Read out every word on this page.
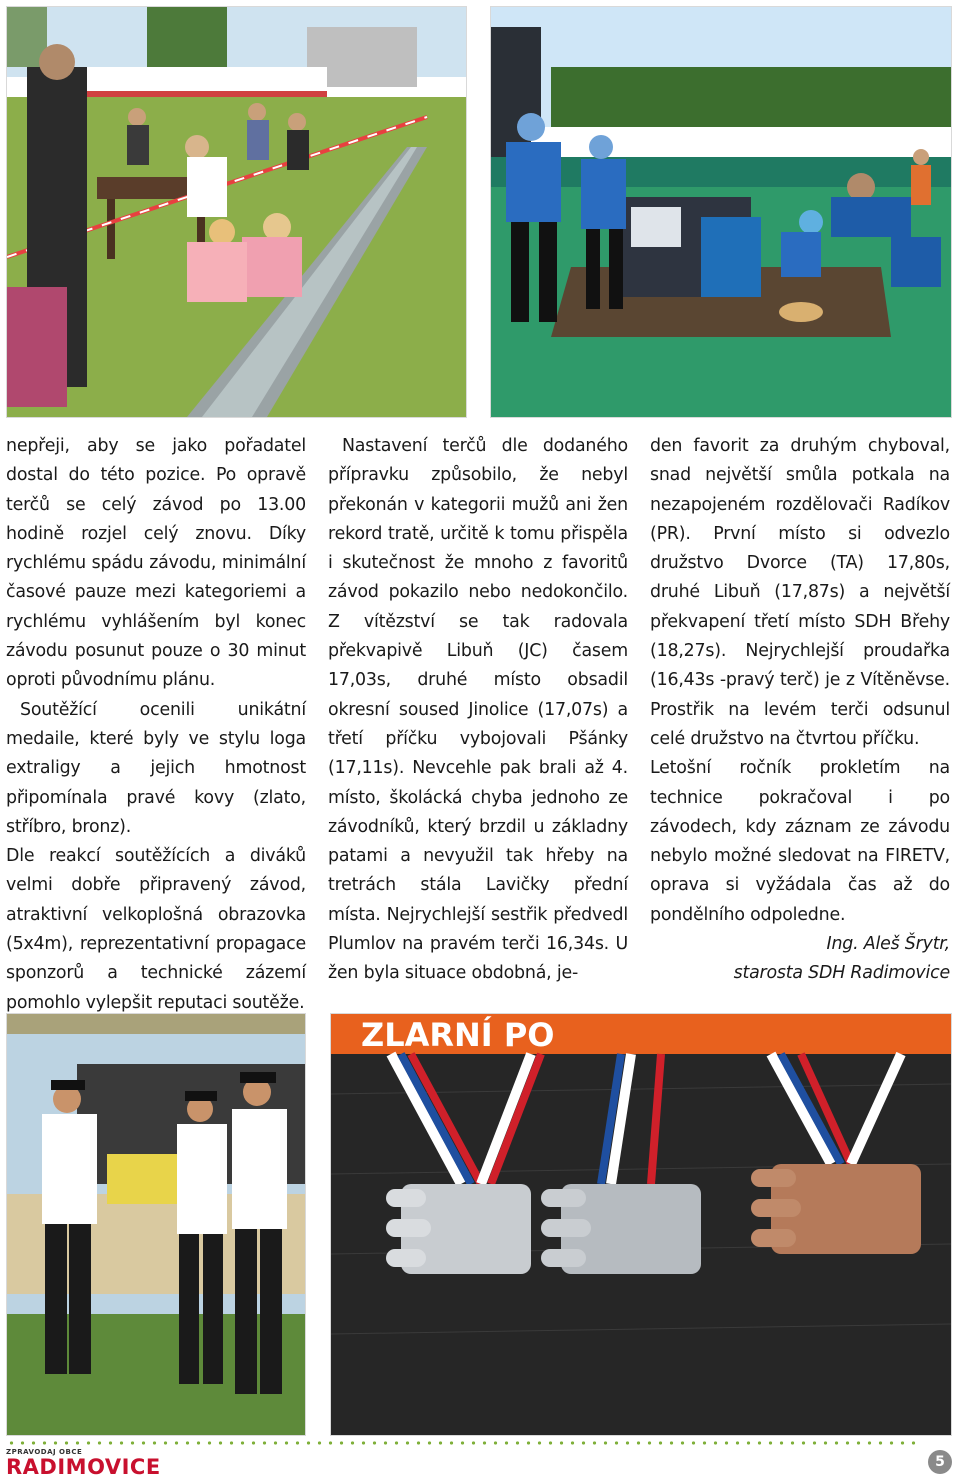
nepřeji, aby se jako pořadatel dostal do této pozice. Po opravě terčů se celý závod po 13.00 hodině rozjel celý znovu. Díky rychlému spádu závodu, minimální časové pauze mezi kategoriemi a rychlému vyhlášením byl konec závodu posunut pouze o 30 minut oproti původnímu plánu.

Soutěžící ocenili unikátní medaile, které byly ve stylu loga extraligy a jejich hmotnost připomínala pravé kovy (zlato, stříbro, bronz).

Dle reakcí soutěžících a diváků velmi dobře připravený závod, atraktivní velkoplošná obrazovka (5x4m), reprezentativní propagace sponzorů a technické zázemí pomohlo vylepšit reputaci soutěže.

Nastavení terčů dle dodaného přípravku způsobilo, že nebyl překonán v kategorii mužů ani žen rekord tratě, určitě k tomu přispěla i skutečnost že mnoho z favoritů závod pokazilo nebo nedokončilo. Z vítězství se tak radovala překvapivě Libuň (JC) časem 17,03s, druhé místo obsadil okresní soused Jinolice (17,07s) a třetí příčku vybojovali Pšánky (17,11s). Nevcehle pak brali až 4. místo, školácká chyba jednoho ze závodníků, který brzdil u základny patami a nevyužil tak hřeby na tretrách stála Lavičky přední místa. Nejrychlejší sestřik předvedl Plumlov na pravém terči 16,34s. U žen byla situace obdobná, je-

den favorit za druhým chyboval, snad největší smůla potkala na nezapojeném rozdělovači Radíkov (PR). První místo si odvezlo družstvo Dvorce (TA) 17,80s, druhé Libuň (17,87s) a největší překvapení třetí místo SDH Břehy (18,27s). Nejrychlejší proudařka (16,43s -pravý terč) je z Vítěněvse. Prostřik na levém terči odsunul celé družstvo na čtvrtou příčku.

Letošní ročník prokletím na technice pokračoval i po závodech, kdy záznam ze závodu nebylo možné sledovat na FIRETV, oprava si vyžádala čas až do pondělního odpoledne.

Ing. Aleš Šrytr,
starosta SDH Radimovice
ZLARNÍ PO
ZPRAVODAJ OBCE
RADIMOVICE	5
